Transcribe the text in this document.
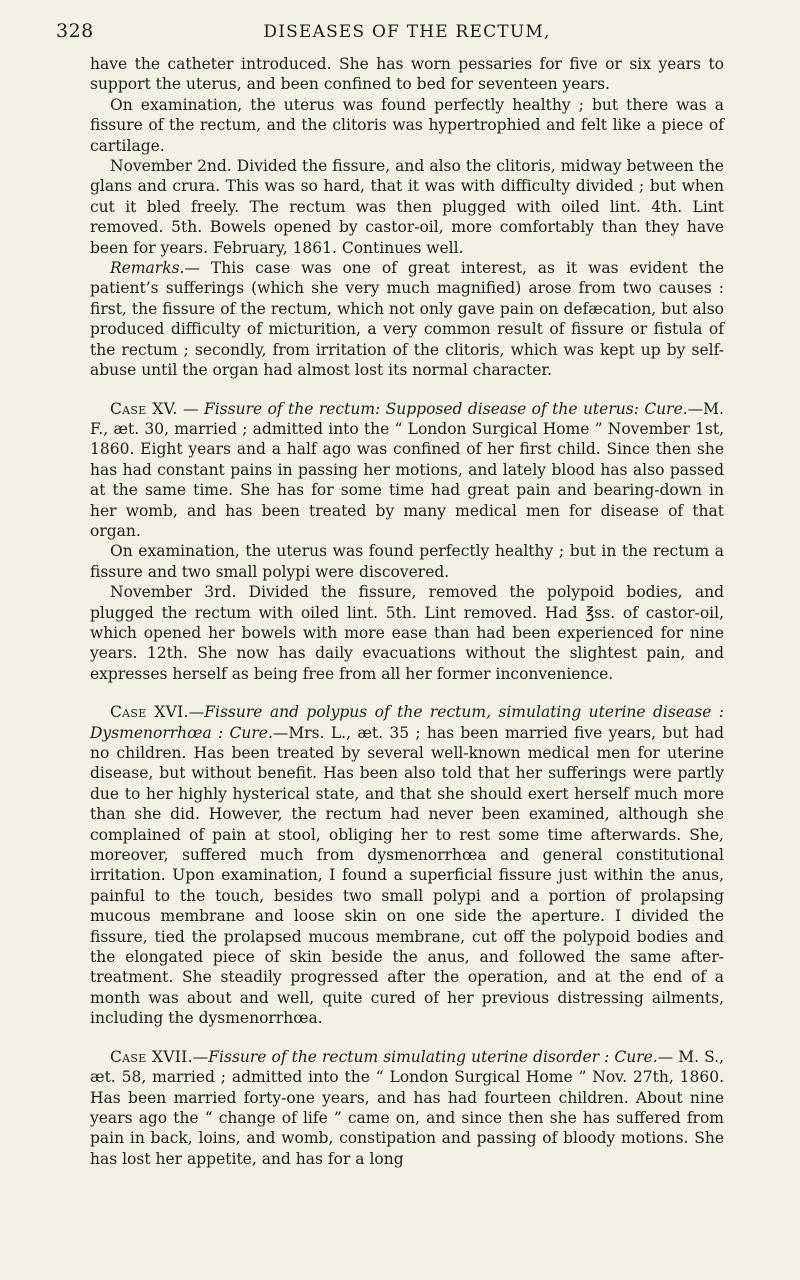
328	DISEASES OF THE RECTUM,

have the catheter introduced. She has worn pessaries for five or six years to support the uterus, and been confined to bed for seventeen years.

On examination, the uterus was found perfectly healthy ; but there was a fissure of the rectum, and the clitoris was hypertrophied and felt like a piece of cartilage.

November 2nd. Divided the fissure, and also the clitoris, midway between the glans and crura. This was so hard, that it was with difficulty divided ; but when cut it bled freely. The rectum was then plugged with oiled lint. 4th. Lint removed. 5th. Bowels opened by castor-oil, more comfortably than they have been for years. February, 1861. Continues well.

Remarks.— This case was one of great interest, as it was evident the patient’s sufferings (which she very much magnified) arose from two causes : first, the fissure of the rectum, which not only gave pain on defæcation, but also produced difficulty of micturition, a very common result of fissure or fistula of the rectum ; secondly, from irritation of the clitoris, which was kept up by self-abuse until the organ had almost lost its normal character.

Case XV. — Fissure of the rectum: Supposed disease of the uterus: Cure.—M. F., æt. 30, married ; admitted into the “ London Surgical Home ” November 1st, 1860. Eight years and a half ago was confined of her first child. Since then she has had constant pains in passing her motions, and lately blood has also passed at the same time. She has for some time had great pain and bearing-down in her womb, and has been treated by many medical men for disease of that organ.

On examination, the uterus was found perfectly healthy ; but in the rectum a fissure and two small polypi were discovered.

November 3rd. Divided the fissure, removed the polypoid bodies, and plugged the rectum with oiled lint. 5th. Lint removed. Had ℥ss. of castor-oil, which opened her bowels with more ease than had been experienced for nine years. 12th. She now has daily evacuations without the slightest pain, and expresses herself as being free from all her former inconvenience.

Case XVI.—Fissure and polypus of the rectum, simulating uterine disease : Dysmenorrhœa : Cure.—Mrs. L., æt. 35 ; has been married five years, but had no children. Has been treated by several well-known medical men for uterine disease, but without benefit. Has been also told that her sufferings were partly due to her highly hysterical state, and that she should exert herself much more than she did. However, the rectum had never been examined, although she complained of pain at stool, obliging her to rest some time afterwards. She, moreover, suffered much from dysmenorrhœa and general constitutional irritation. Upon examination, I found a superficial fissure just within the anus, painful to the touch, besides two small polypi and a portion of prolapsing mucous membrane and loose skin on one side the aperture. I divided the fissure, tied the prolapsed mucous membrane, cut off the polypoid bodies and the elongated piece of skin beside the anus, and followed the same after-treatment. She steadily progressed after the operation, and at the end of a month was about and well, quite cured of her previous distressing ailments, including the dysmenorrhœa.

Case XVII.—Fissure of the rectum simulating uterine disorder : Cure.— M. S., æt. 58, married ; admitted into the “ London Surgical Home ” Nov. 27th, 1860. Has been married forty-one years, and has had fourteen children. About nine years ago the “ change of life ” came on, and since then she has suffered from pain in back, loins, and womb, constipation and passing of bloody motions. She has lost her appetite, and has for a long
